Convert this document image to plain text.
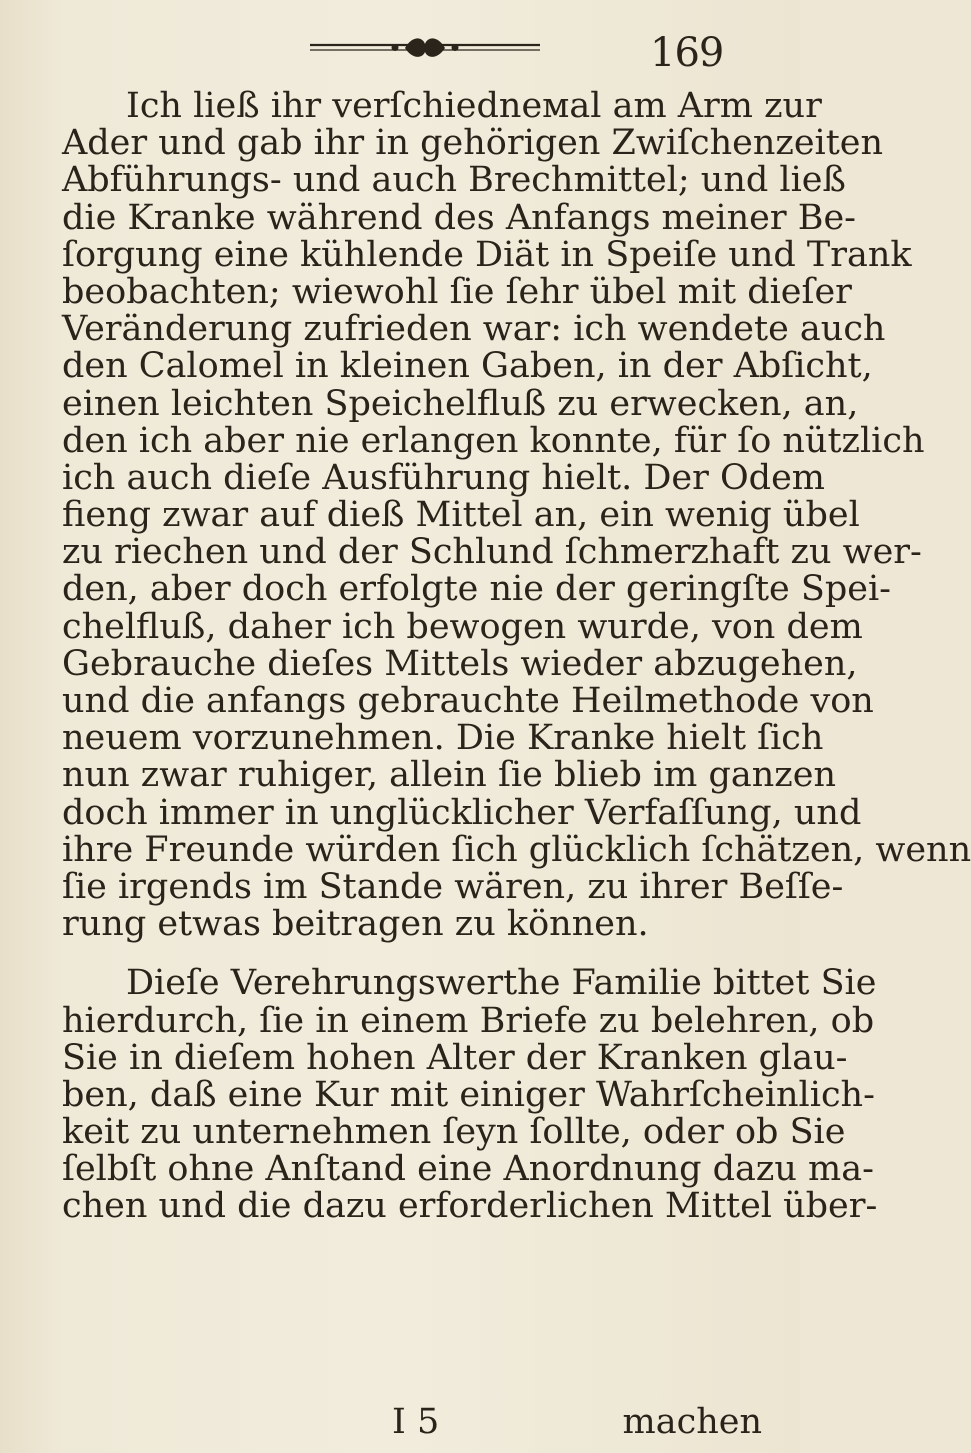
169
Ich ließ ihr verſchiedneмal am Arm zur
Ader und gab ihr in gehörigen Zwiſchenzeiten
Abführungs- und auch Brechmittel; und ließ
die Kranke während des Anfangs meiner Be-
ſorgung eine kühlende Diät in Speiſe und Trank
beobachten; wiewohl ſie ſehr übel mit dieſer
Veränderung zufrieden war: ich wendete auch
den Calomel in kleinen Gaben, in der Abſicht,
einen leichten Speichelfluß zu erwecken, an,
den ich aber nie erlangen konnte, für ſo nützlich
ich auch dieſe Ausführung hielt. Der Odem
fieng zwar auf dieß Mittel an, ein wenig übel
zu riechen und der Schlund ſchmerzhaft zu wer-
den, aber doch erfolgte nie der geringſte Spei-
chelfluß, daher ich bewogen wurde, von dem
Gebrauche dieſes Mittels wieder abzugehen,
und die anfangs gebrauchte Heilmethode von
neuem vorzunehmen. Die Kranke hielt ſich
nun zwar ruhiger, allein ſie blieb im ganzen
doch immer in unglücklicher Verfaſſung, und
ihre Freunde würden ſich glücklich ſchätzen, wenn
ſie irgends im Stande wären, zu ihrer Beſſe-
rung etwas beitragen zu können.
Dieſe Verehrungswerthe Familie bittet Sie
hierdurch, ſie in einem Briefe zu belehren, ob
Sie in dieſem hohen Alter der Kranken glau-
ben, daß eine Kur mit einiger Wahrſcheinlich-
keit zu unternehmen ſeyn ſollte, oder ob Sie
ſelbſt ohne Anſtand eine Anordnung dazu ma-
chen und die dazu erforderlichen Mittel über-
I 5	machen
